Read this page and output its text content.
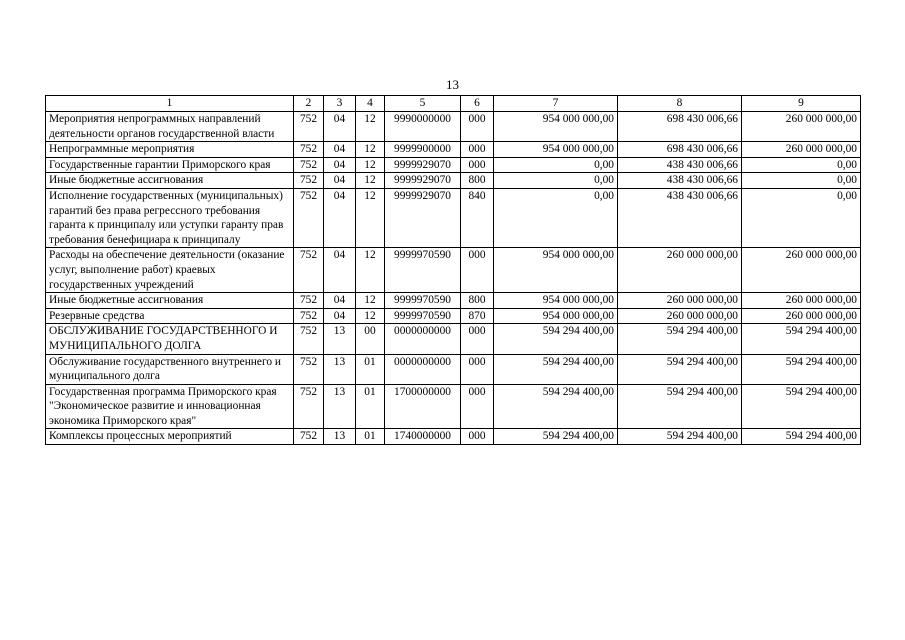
13
1	2	3	4	5	6	7	8	9
Мероприятия непрограммных направлений деятельности органов государственной власти	752	04	12	9990000000	000	954 000 000,00	698 430 006,66	260 000 000,00
Непрограммные мероприятия	752	04	12	9999900000	000	954 000 000,00	698 430 006,66	260 000 000,00
Государственные гарантии Приморского края	752	04	12	9999929070	000	0,00	438 430 006,66	0,00
Иные бюджетные ассигнования	752	04	12	9999929070	800	0,00	438 430 006,66	0,00
Исполнение государственных (муниципальных) гарантий без права регрессного требования гаранта к принципалу или уступки гаранту прав требования бенефициара к принципалу	752	04	12	9999929070	840	0,00	438 430 006,66	0,00
Расходы на обеспечение деятельности (оказание услуг, выполнение работ) краевых государственных учреждений	752	04	12	9999970590	000	954 000 000,00	260 000 000,00	260 000 000,00
Иные бюджетные ассигнования	752	04	12	9999970590	800	954 000 000,00	260 000 000,00	260 000 000,00
Резервные средства	752	04	12	9999970590	870	954 000 000,00	260 000 000,00	260 000 000,00
ОБСЛУЖИВАНИЕ ГОСУДАРСТВЕННОГО И МУНИЦИПАЛЬНОГО ДОЛГА	752	13	00	0000000000	000	594 294 400,00	594 294 400,00	594 294 400,00
Обслуживание государственного внутреннего и муниципального долга	752	13	01	0000000000	000	594 294 400,00	594 294 400,00	594 294 400,00
Государственная программа Приморского края "Экономическое развитие и инновационная экономика Приморского края"	752	13	01	1700000000	000	594 294 400,00	594 294 400,00	594 294 400,00
Комплексы процессных мероприятий	752	13	01	1740000000	000	594 294 400,00	594 294 400,00	594 294 400,00
